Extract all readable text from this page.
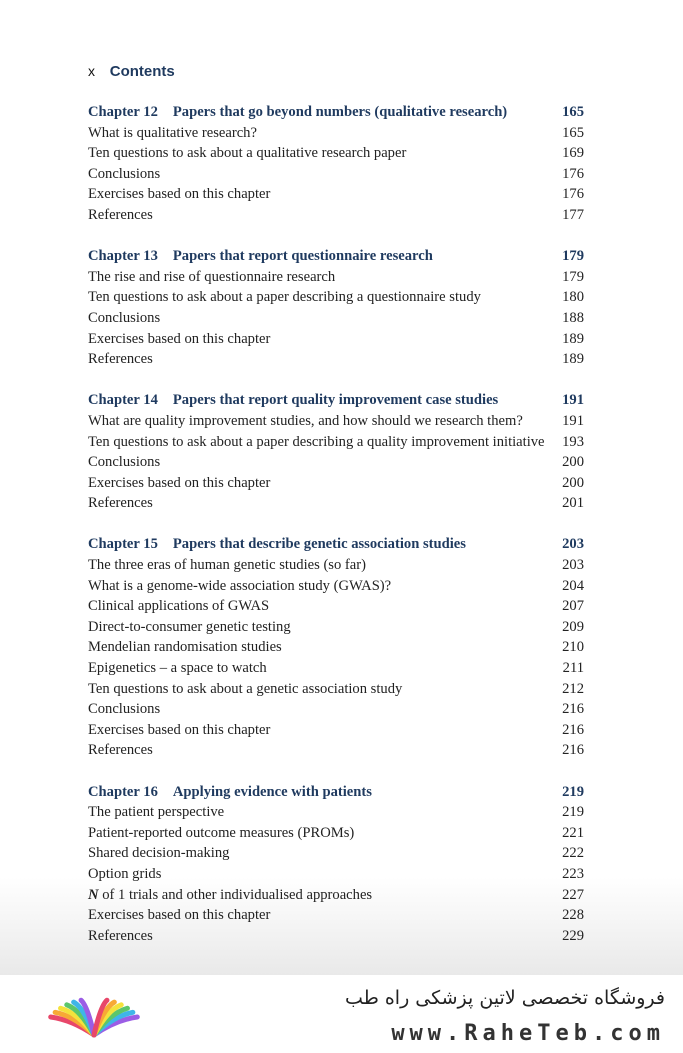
x Contents
Chapter 12 Papers that go beyond numbers (qualitative research)	165
What is qualitative research?	165
Ten questions to ask about a qualitative research paper	169
Conclusions	176
Exercises based on this chapter	176
References	177
Chapter 13 Papers that report questionnaire research	179
The rise and rise of questionnaire research	179
Ten questions to ask about a paper describing a questionnaire study	180
Conclusions	188
Exercises based on this chapter	189
References	189
Chapter 14 Papers that report quality improvement case studies	191
What are quality improvement studies, and how should we research them?	191
Ten questions to ask about a paper describing a quality improvement initiative 193
Conclusions	200
Exercises based on this chapter	200
References	201
Chapter 15 Papers that describe genetic association studies	203
The three eras of human genetic studies (so far)	203
What is a genome-wide association study (GWAS)?	204
Clinical applications of GWAS	207
Direct-to-consumer genetic testing	209
Mendelian randomisation studies	210
Epigenetics – a space to watch	211
Ten questions to ask about a genetic association study	212
Conclusions	216
Exercises based on this chapter	216
References	216
Chapter 16 Applying evidence with patients	219
The patient perspective	219
Patient-reported outcome measures (PROMs)	221
Shared decision-making	222
Option grids	223
N of 1 trials and other individualised approaches	227
Exercises based on this chapter	228
References	229
فروشگاه تخصصی لاتین پزشکی راه طب
www.RaheTeb.com
